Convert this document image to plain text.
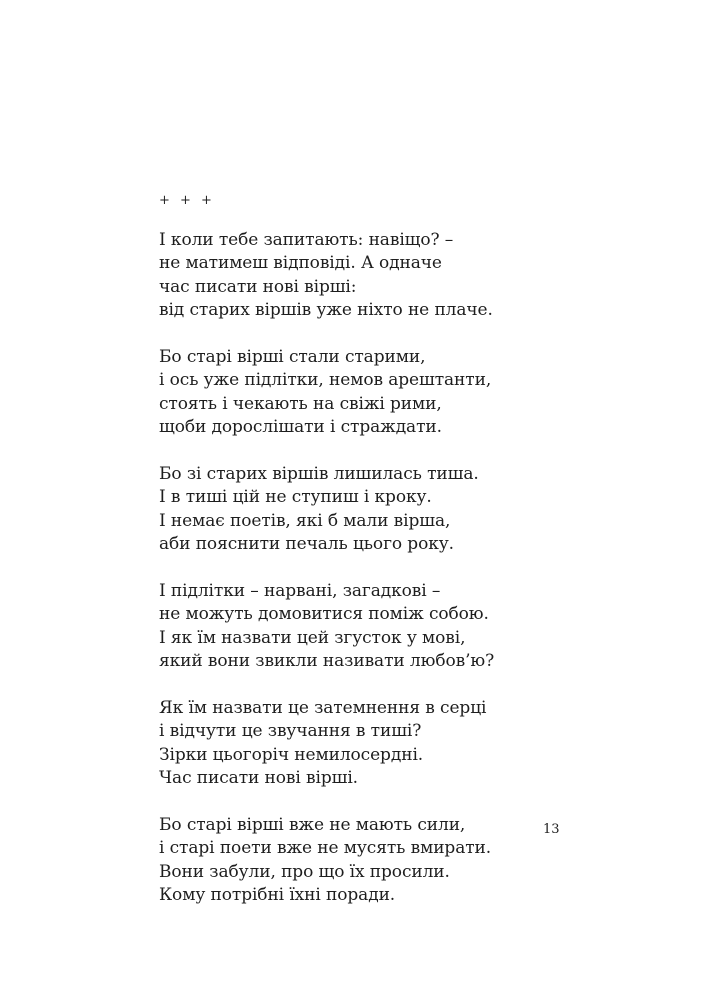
+ + +
І коли тебе запитають: навіщо? –
не матимеш відповіді. А одначе
час писати нові вірші:
від старих віршів уже ніхто не плаче.
Бо старі вірші стали старими,
і ось уже підлітки, немов арештанти,
стоять і чекають на свіжі рими,
щоби дорослішати і страждати.
Бо зі старих віршів лишилась тиша.
І в тиші цій не ступиш і кроку.
І немає поетів, які б мали вірша,
аби пояснити печаль цього року.
І підлітки – нарвані, загадкові –
не можуть домовитися поміж собою.
І як їм назвати цей згусток у мові,
який вони звикли називати любов’ю?
Як їм назвати це затемнення в серці
і відчути це звучання в тиші?
Зірки цьогоріч немилосердні.
Час писати нові вірші.
Бо старі вірші вже не мають сили,
і старі поети вже не мусять вмирати.
Вони забули, про що їх просили.
Кому потрібні їхні поради.
13
